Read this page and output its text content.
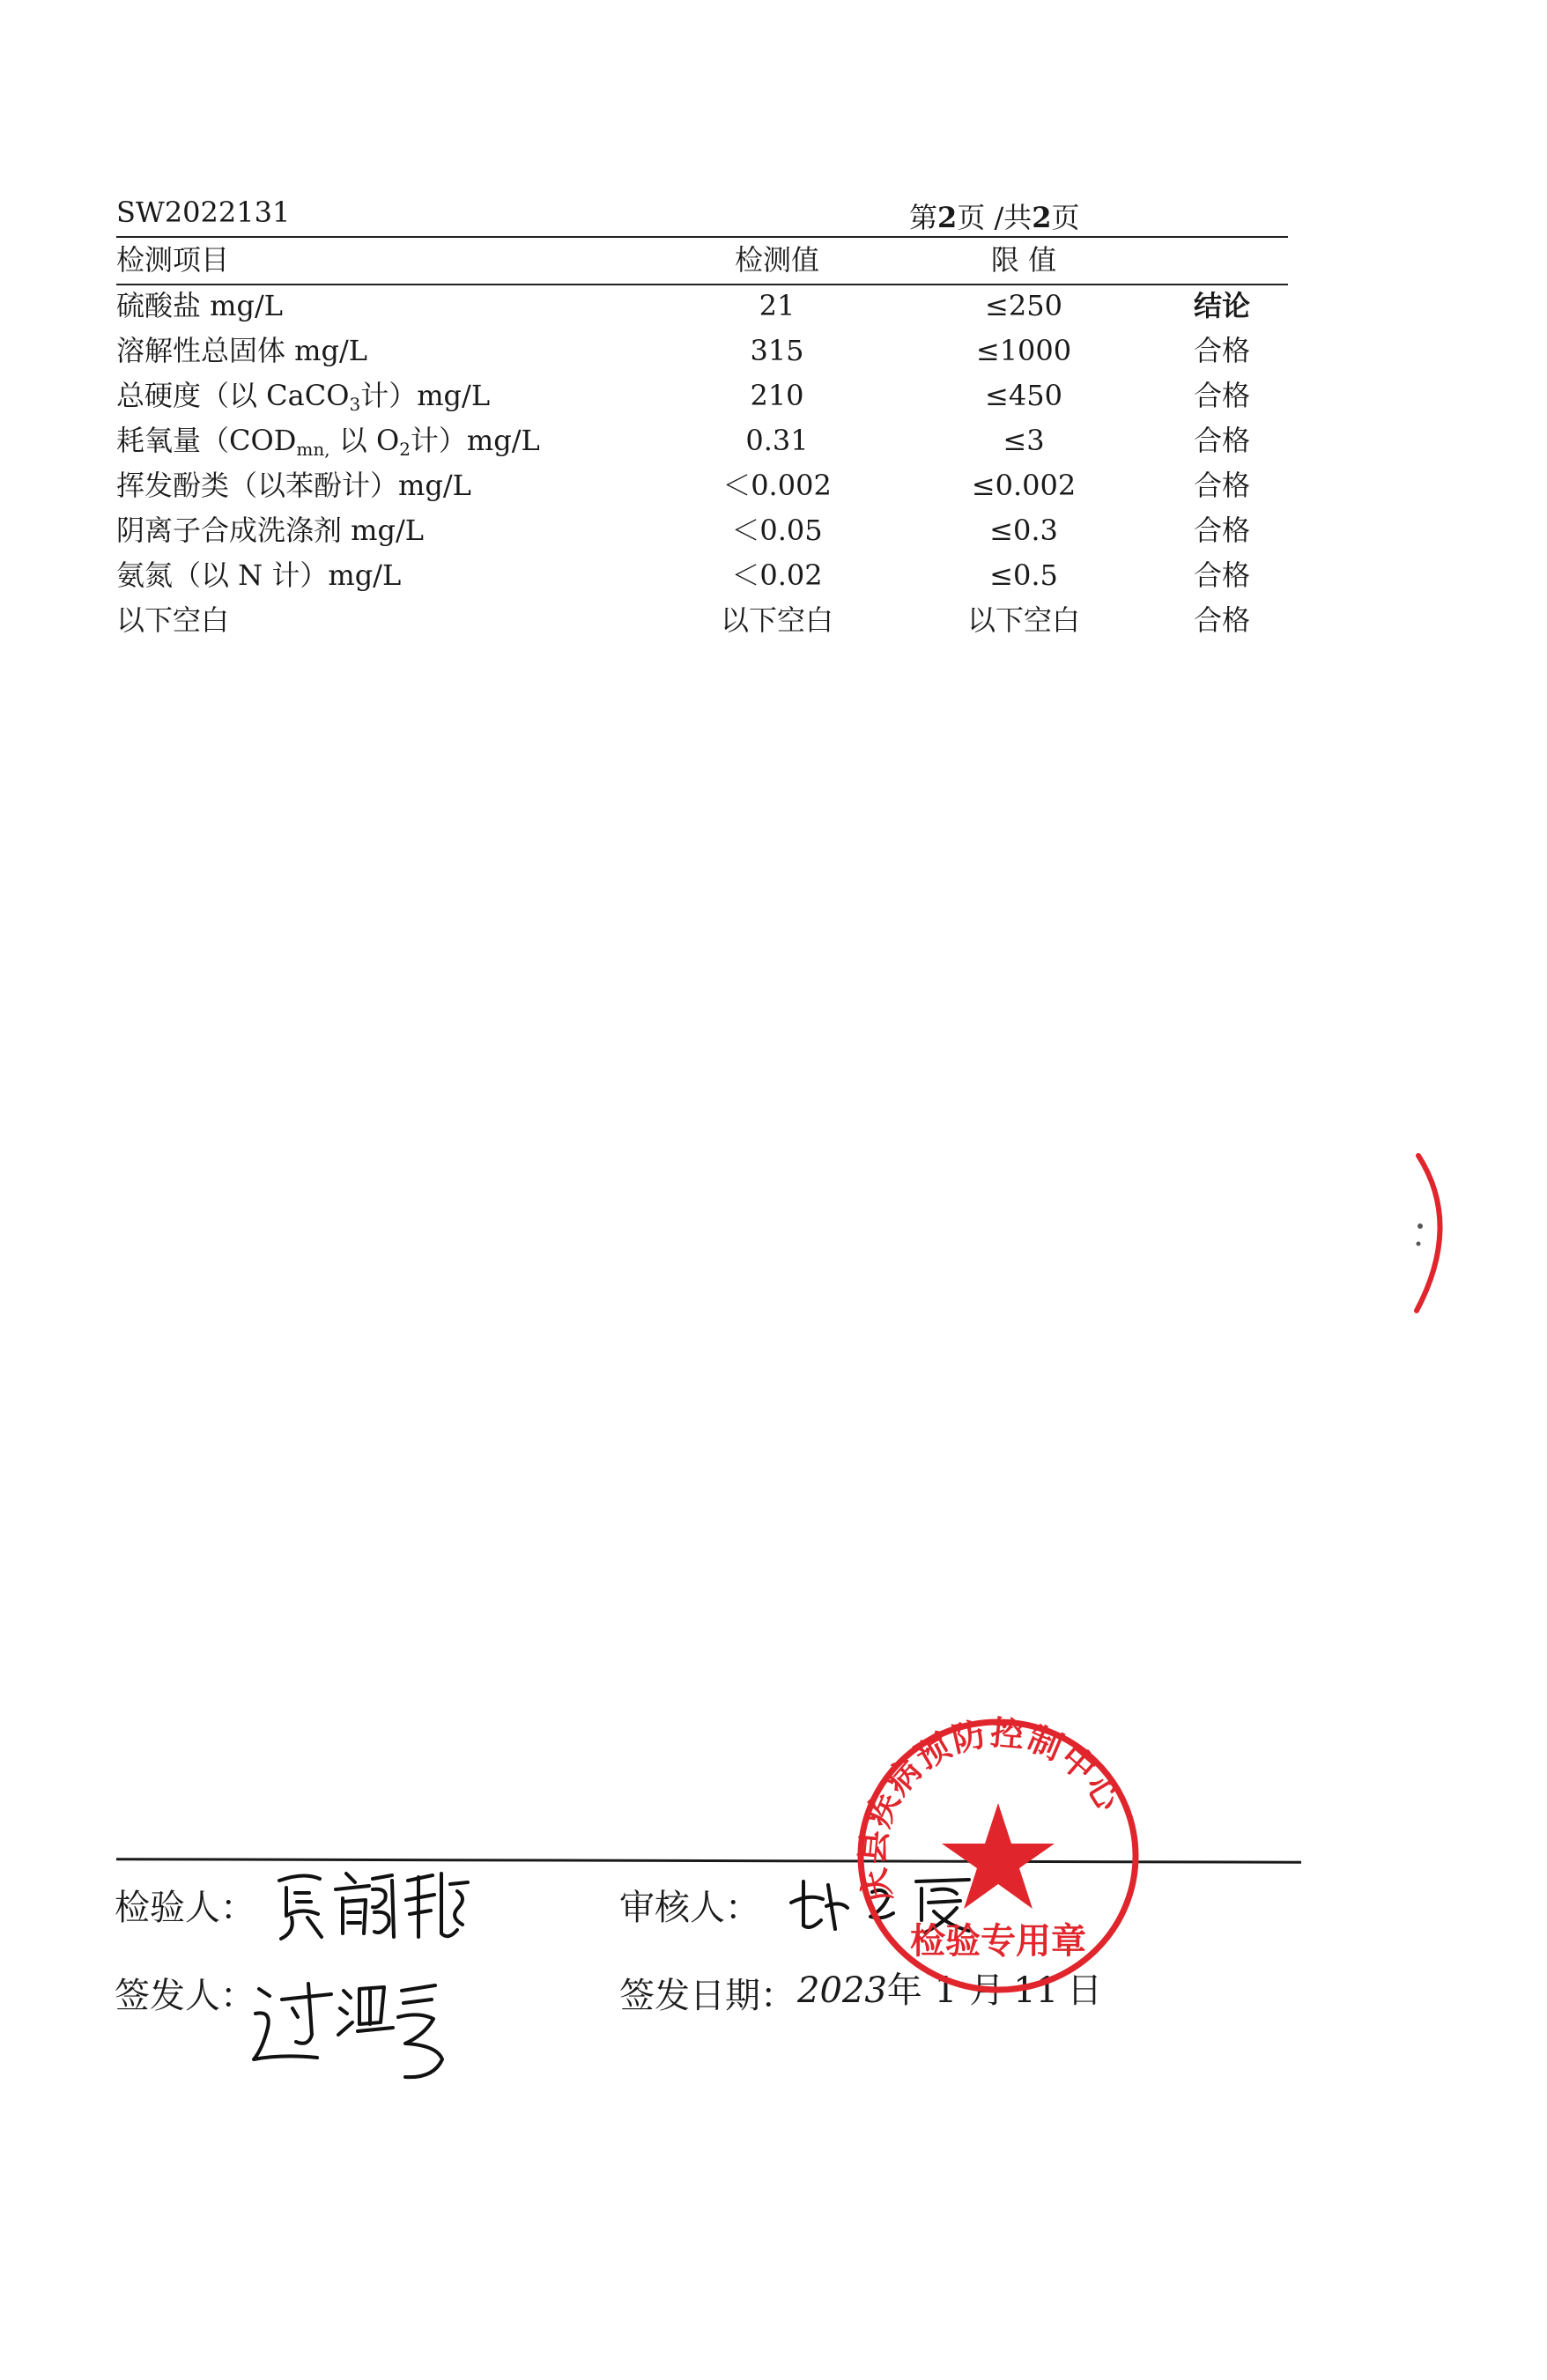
SW2022131	第2页 /共2页
检测项目	检测值	限 值
硫酸盐 mg/L	21	≤250	结论
溶解性总固体 mg/L	315	≤1000	合格
总硬度（以 CaCO$_3$计）mg/L	210	≤450	合格
耗氧量（$COD_{mn,}$ 以 $O_2$计）mg/L	0.31	≤3	合格
挥发酚类（以苯酚计）mg/L	＜0.002	≤0.002	合格
阴离子合成洗涤剂 mg/L	＜0.05	≤0.3	合格
氨氮（以 N 计）mg/L	＜0.02	≤0.5	合格
以下空白	以下空白	以下空白	合格
检验人：	审核人：
签发人：	签发日期： 2023年 1 月 11 日
庆县疾病预防控制中心
检验专用章
